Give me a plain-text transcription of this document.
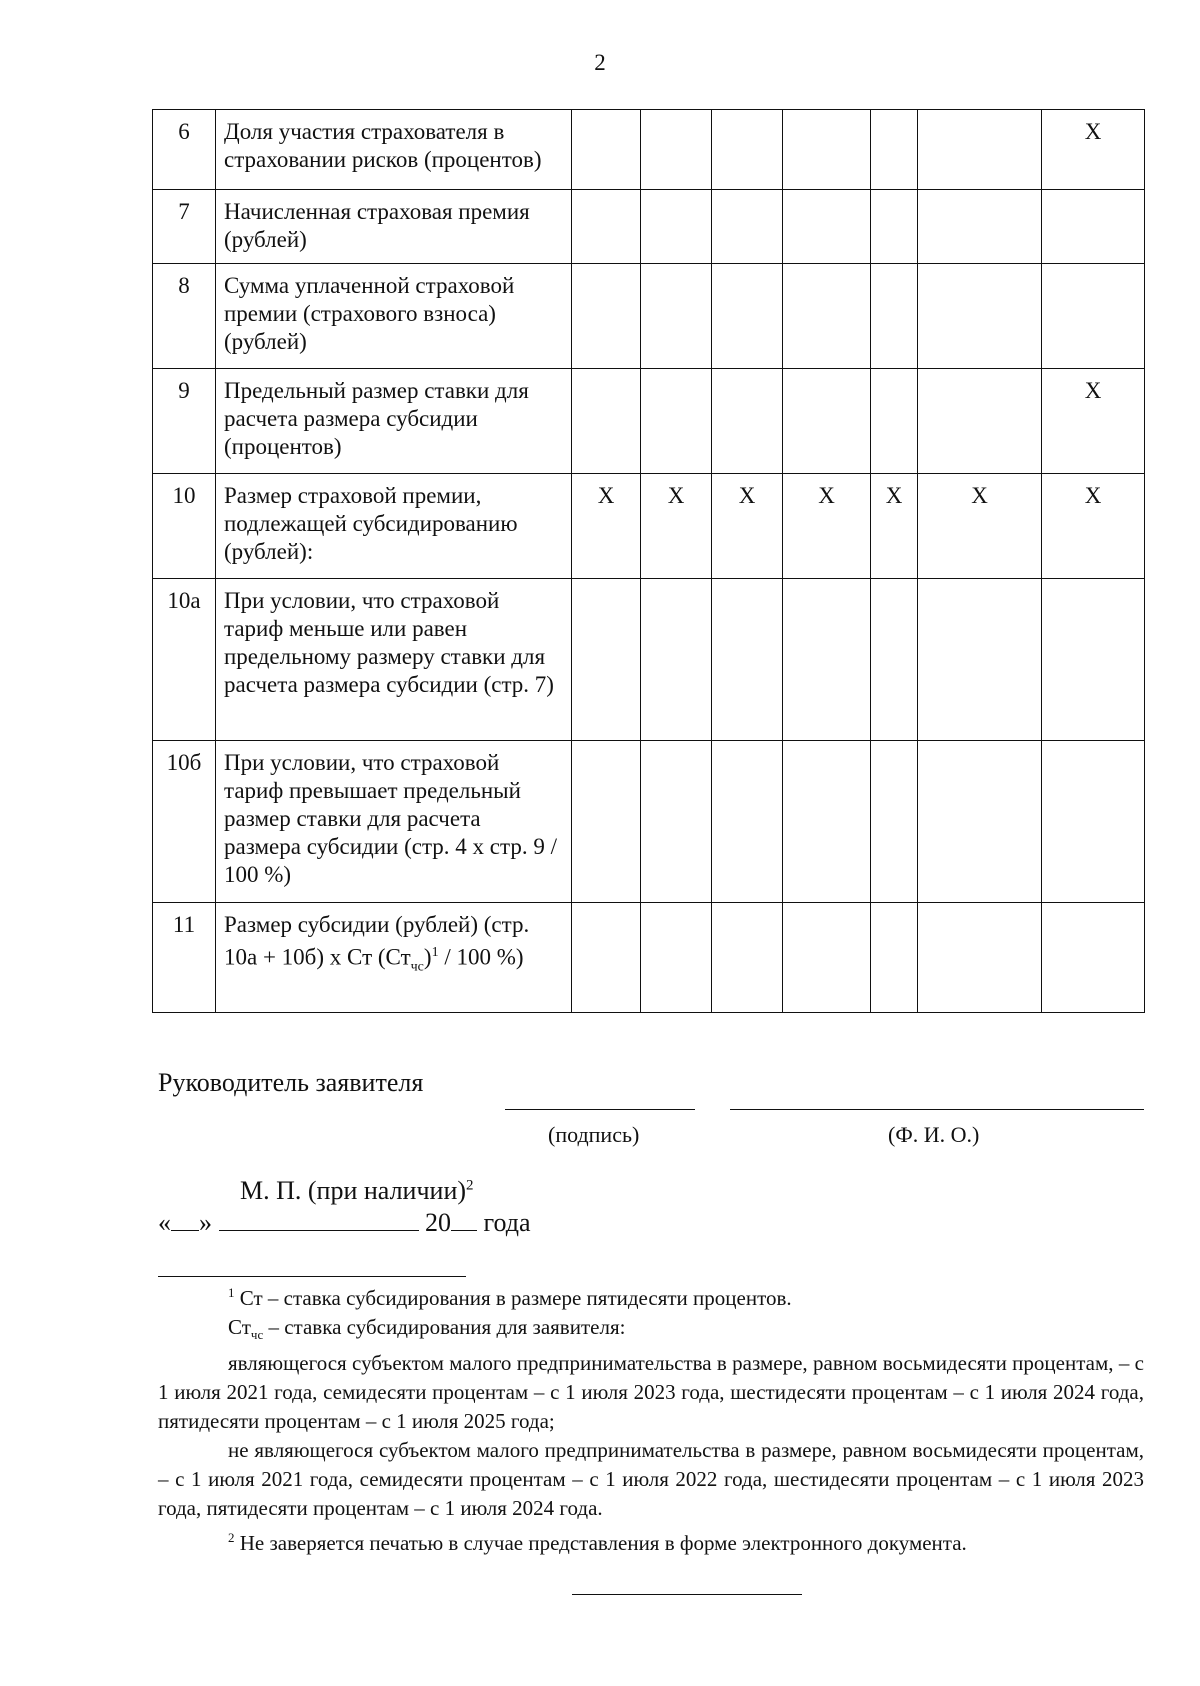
2
6	Доля участия страхователя в страховании рисков (процентов)							X
7	Начисленная страховая премия (рублей)							
8	Сумма уплаченной страховой премии (страхового взноса) (рублей)							
9	Предельный размер ставки для расчета размера субсидии (процентов)							X
10	Размер страховой премии, подлежащей субсидированию (рублей):	X	X	X	X	X	X	X
10а	При условии, что страховой тариф меньше или равен предельному размеру ставки для расчета размера субсидии (стр. 7)							
10б	При условии, что страховой тариф превышает предельный размер ставки для расчета размера субсидии (стр. 4 х стр. 9 / 100 %)							
11	Размер субсидии (рублей) (стр. 10а + 10б) х Ст $(Ст_{чс})^1 / 100$ %)							
Руководитель заявителя
(подпись)	(Ф. И. О.)
М. П. (при наличии)$^2$
« »	20 года

$^1$ Ст – ставка субсидирования в размере пятидесяти процентов.

$Ст_{чс}$ – ставка субсидирования для заявителя:

являющегося субъектом малого предпринимательства в размере, равном восьмидесяти процентам, – с 1 июля 2021 года, семидесяти процентам – с 1 июля 2023 года, шестидесяти процентам – с 1 июля 2024 года, пятидесяти процентам – с 1 июля 2025 года;

не являющегося субъектом малого предпринимательства в размере, равном восьмидесяти процентам, – с 1 июля 2021 года, семидесяти процентам – с 1 июля 2022 года, шестидесяти процентам – с 1 июля 2023 года, пятидесяти процентам – с 1 июля 2024 года.

$^2$ Не заверяется печатью в случае представления в форме электронного документа.
